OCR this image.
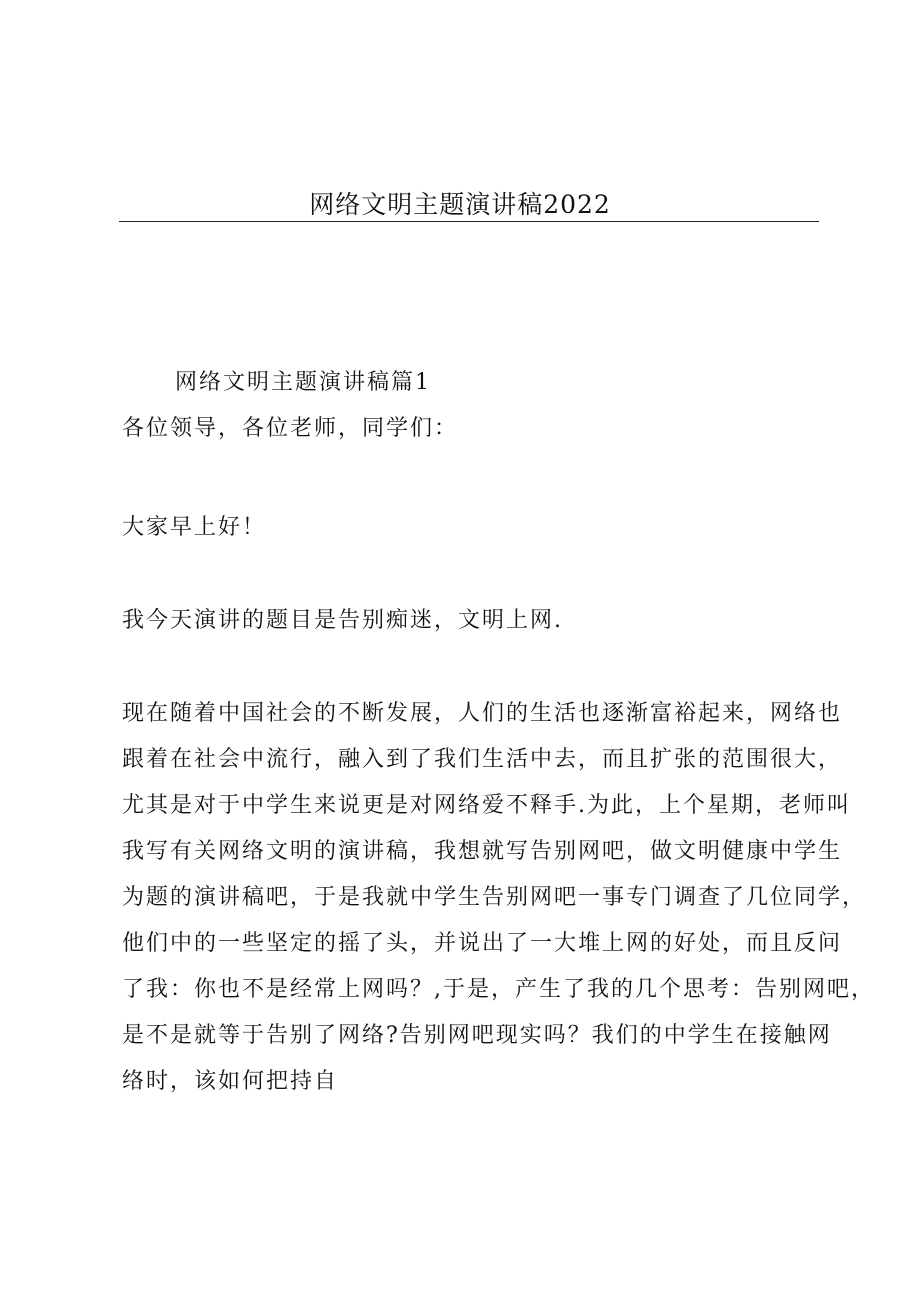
网络文明主题演讲稿2022
网络文明主题演讲稿篇1
各位领导，各位老师，同学们：
大家早上好！
我今天演讲的题目是告别痴迷，文明上网.
现在随着中国社会的不断发展，人们的生活也逐渐富裕起来，网络也
跟着在社会中流行，融入到了我们生活中去，而且扩张的范围很大，
尤其是对于中学生来说更是对网络爱不释手.为此，上个星期，老师叫
我写有关网络文明的演讲稿，我想就写告别网吧，做文明健康中学生
为题的演讲稿吧，于是我就中学生告别网吧一事专门调查了几位同学，
他们中的一些坚定的摇了头，并说出了一大堆上网的好处，而且反问
了我：你也不是经常上网吗？,于是，产生了我的几个思考：告别网吧，
是不是就等于告别了网络?告别网吧现实吗？我们的中学生在接触网
络时，该如何把持自
